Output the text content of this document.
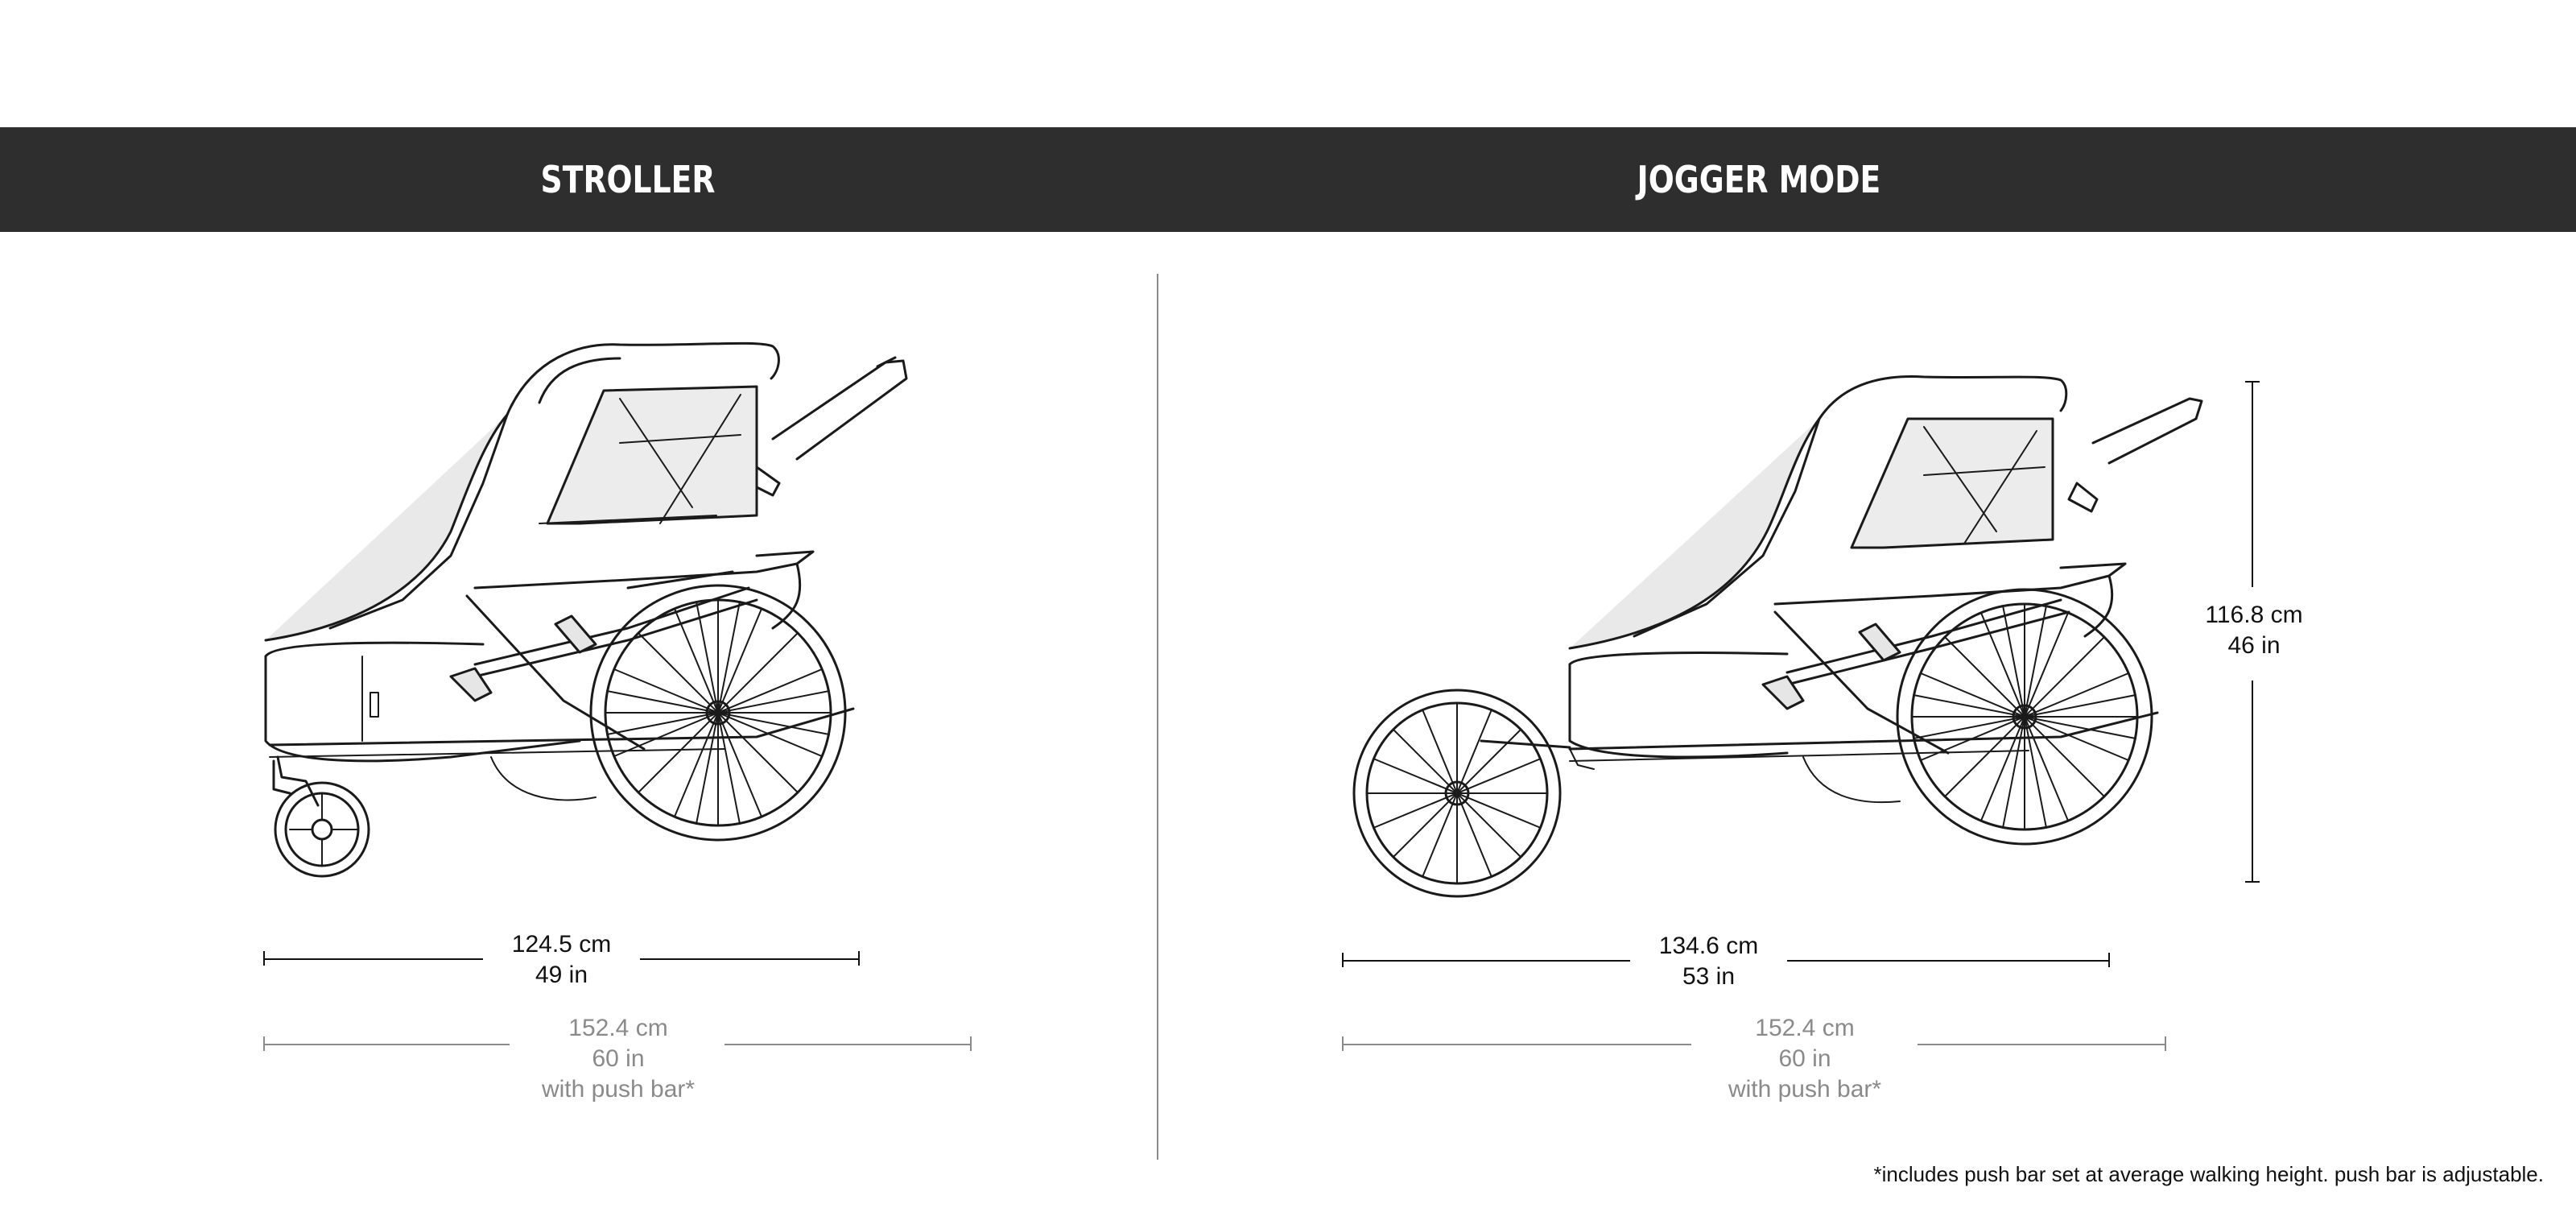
STROLLER MODE
JOGGER MODE
124.5 cm
49 in
152.4 cm
60 in
with push bar*
134.6 cm
53 in
152.4 cm
60 in
with push bar*
116.8 cm
46 in
*includes push bar set at average walking height. push bar is adjustable.
